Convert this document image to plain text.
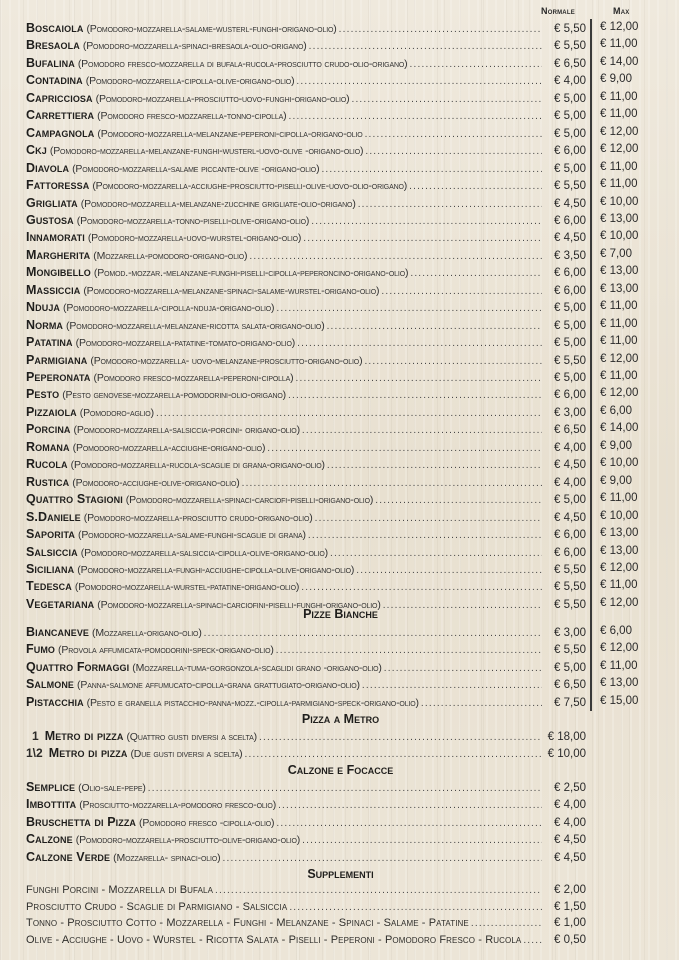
Normale	Max
Boscaiola (Pomodoro-mozzarella-salame-wusterl-funghi-origano-olio) .....	€ 5,50 € 12,00
Bresaola (Pomodoro-mozzarella-spinaci-bresaola-olio-origano) .....	€ 5,50 € 11,00
Bufalina (Pomodoro fresco-mozzarella di bufala-rucola-prosciutto crudo-olio-origano) .....	€ 6,50 € 14,00
Contadina (Pomodoro-mozzarella-cipolla-olive-origano-olio) .....	€ 4,00 € 9,00
Capricciosa (Pomodoro-mozzarella-prosciutto-uovo-funghi-origano-olio) .....	€ 5,00 € 11,00
Carrettiera (Pomodoro fresco-mozzarella-tonno-cipolla) .....	€ 5,00 € 11,00
Campagnola (Pomodoro-mozzarella-melanzane-peperoni-cipolla-origano-olio .....	€ 5,00 € 12,00
Ckj (Pomodoro-mozzarella-melanzane-funghi-wusterl-uovo-olive -origano-olio) .....	€ 6,00 € 12,00
Diavola (Pomodoro-mozzarella-salame piccante-olive -origano-olio) .....	€ 5,00 € 11,00
Fattoressa (Pomodoro-mozzarella-acciughe-prosciutto-piselli-olive-uovo-olio-origano) .....	€ 5,50 € 11,00
Grigliata (Pomodoro-mozzarella-melanzane-zucchine grigliate-olio-origano) .....	€ 4,50 € 10,00
Gustosa (Pomodoro-mozzarella-tonno-piselli-olive-origano-olio) .....	€ 6,00 € 13,00
Innamorati (Pomodoro-mozzarella-uovo-wurstel-origano-olio) .....	€ 4,50 € 10,00
Margherita (Mozzarella-pomodoro-origano-olio) .....	€ 3,50 € 7,00
Mongibello (Pomod.-mozzar.-melanzane-funghi-piselli-cipolla-peperoncino-origano-olio) .....	€ 6,00 € 13,00
Massiccia (Pomodoro-mozzarella-melanzane-spinaci-salame-wurstel-origano-olio) .....	€ 6,00 € 13,00
Nduja (Pomodoro-mozzarella-cipolla-nduja-origano-olio) .....	€ 5,00 € 11,00
Norma (Pomodoro-mozzarella-melanzane-ricotta salata-origano-olio) .....	€ 5,00 € 11,00
Patatina (Pomodoro-mozzarella-patatine-tomato-origano-olio) .....	€ 5,00 € 11,00
Parmigiana (Pomodoro-mozzarella- uovo-melanzane-prosciutto-origano-olio) .....	€ 5,50 € 12,00
Peperonata (Pomodoro fresco-mozzarella-peperoni-cipolla) .....	€ 5,00 € 11,00
Pesto (Pesto genovese-mozzarella-pomodorini-olio-origano) .....	€ 6,00 € 12,00
Pizzaiola (Pomodoro-aglio) .....	€ 3,00 € 6,00
Porcina (Pomodoro-mozzarella-salsiccia-porcini- origano-olio) .....	€ 6,50 € 14,00
Romana (Pomodoro-mozzarella-acciughe-origano-olio) .....	€ 4,00 € 9,00
Rucola (Pomodoro-mozzarella-rucola-scaglie di grana-origano-olio) .....	€ 4,50 € 10,00
Rustica (Pomodoro-acciughe-olive-origano-olio) .....	€ 4,00 € 9,00
Quattro Stagioni (Pomodoro-mozzarella-spinaci-carciofi-piselli-origano-olio) .....	€ 5,00 € 11,00
S.Daniele (Pomodoro-mozzarella-prosciutto crudo-origano-olio) .....	€ 4,50 € 10,00
Saporita (Pomodoro-mozzarella-salame-funghi-scaglie di grana) .....	€ 6,00 € 13,00
Salsiccia (Pomodoro-mozzarella-salsiccia-cipolla-olive-origano-olio) .....	€ 6,00 € 13,00
Siciliana (Pomodoro-mozzarella-funghi-acciughe-cipolla-olive-origano-olio) .....	€ 5,50 € 12,00
Tedesca (Pomodoro-mozzarella-wurstel-patatine-origano-olio) .....	€ 5,50 € 11,00
Vegetariana (Pomodoro-mozzarella-spinaci-carciofini-piselli-funghi-origano-olio) .....	€ 5,50 € 12,00
Pizze Bianche
Biancaneve (Mozzarella-origano-olio) .....	€ 3,00 € 6,00
Fumo (Provola affumicata-pomodorini-speck-origano-olio) .....	€ 5,50 € 12,00
Quattro Formaggi (Mozzarella-tuma-gorgonzola-scaglidi grano -origano-olio) .....	€ 5,00 € 11,00
Salmone (Panna-salmone affumucato-cipolla-grana grattugiato-origano-olio) .....	€ 6,50 € 13,00
Pistacchia (Pesto e granella pistacchio-panna-mozz.-cipolla-parmigiano-speck-origano-olio) .....	€ 7,50 € 15,00
Pizza a Metro
1 Metro di pizza (Quattro gusti diversi a scelta) .....	€ 18,00
1\2 Metro di pizza (Due gusti diversi a scelta) .....	€ 10,00
Calzone e Focacce
Semplice (Olio-sale-pepe) .....	€ 2,50
Imbottita (Prosciutto-mozzarella-pomodoro fresco-olio) .....	€ 4,00
Bruschetta di Pizza (Pomodoro fresco -cipolla-olio) .....	€ 4,00
Calzone (Pomodoro-mozzarella-prosciutto-olive-origano-olio) .....	€ 4,50
Calzone Verde (Mozzarella- spinaci-olio) .....	€ 4,50
Supplementi
Funghi Porcini - Mozzarella di Bufala .....	€ 2,00
Prosciutto Crudo - Scaglie di Parmigiano - Salsiccia .....	€ 1,50
Tonno - Prosciutto Cotto - Mozzarella - Funghi - Melanzane - Spinaci - Salame - Patatine .....	€ 1,00
Olive - Acciughe - Uovo - Wurstel - Ricotta Salata - Piselli - Peperoni - Pomodoro Fresco - Rucola .....	€ 0,50
